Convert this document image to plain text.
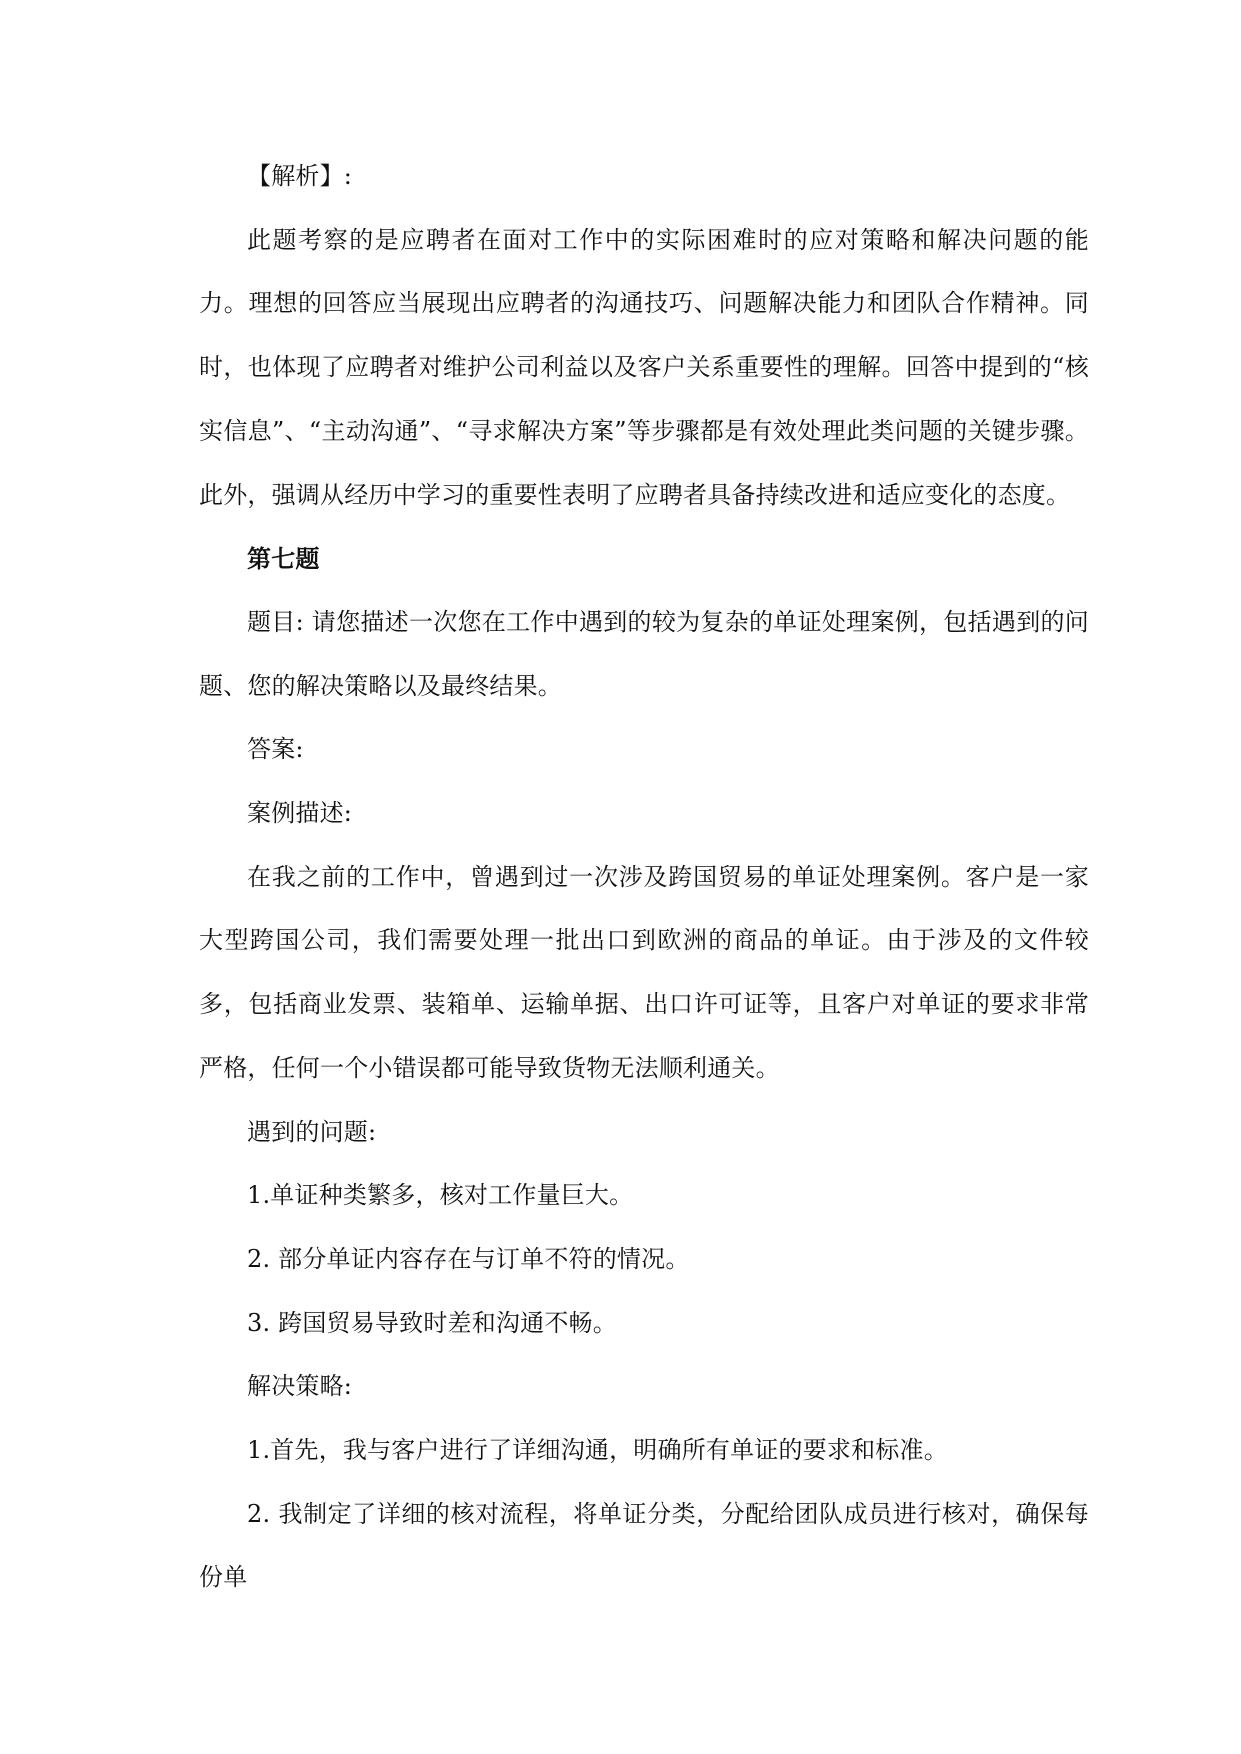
【解析】:

此题考察的是应聘者在面对工作中的实际困难时的应对策略和解决问题的能力。理想的回答应当展现出应聘者的沟通技巧、问题解决能力和团队合作精神。同时，也体现了应聘者对维护公司利益以及客户关系重要性的理解。回答中提到的“核实信息”、“主动沟通”、“寻求解决方案”等步骤都是有效处理此类问题的关键步骤。此外，强调从经历中学习的重要性表明了应聘者具备持续改进和适应变化的态度。

第七题

题目: 请您描述一次您在工作中遇到的较为复杂的单证处理案例，包括遇到的问题、您的解决策略以及最终结果。

答案:

案例描述:

在我之前的工作中，曾遇到过一次涉及跨国贸易的单证处理案例。客户是一家大型跨国公司，我们需要处理一批出口到欧洲的商品的单证。由于涉及的文件较多，包括商业发票、装箱单、运输单据、出口许可证等，且客户对单证的要求非常严格，任何一个小错误都可能导致货物无法顺利通关。

遇到的问题:

1.单证种类繁多，核对工作量巨大。

2. 部分单证内容存在与订单不符的情况。

3. 跨国贸易导致时差和沟通不畅。

解决策略:

1.首先，我与客户进行了详细沟通，明确所有单证的要求和标准。

2. 我制定了详细的核对流程，将单证分类，分配给团队成员进行核对，确保每份单
